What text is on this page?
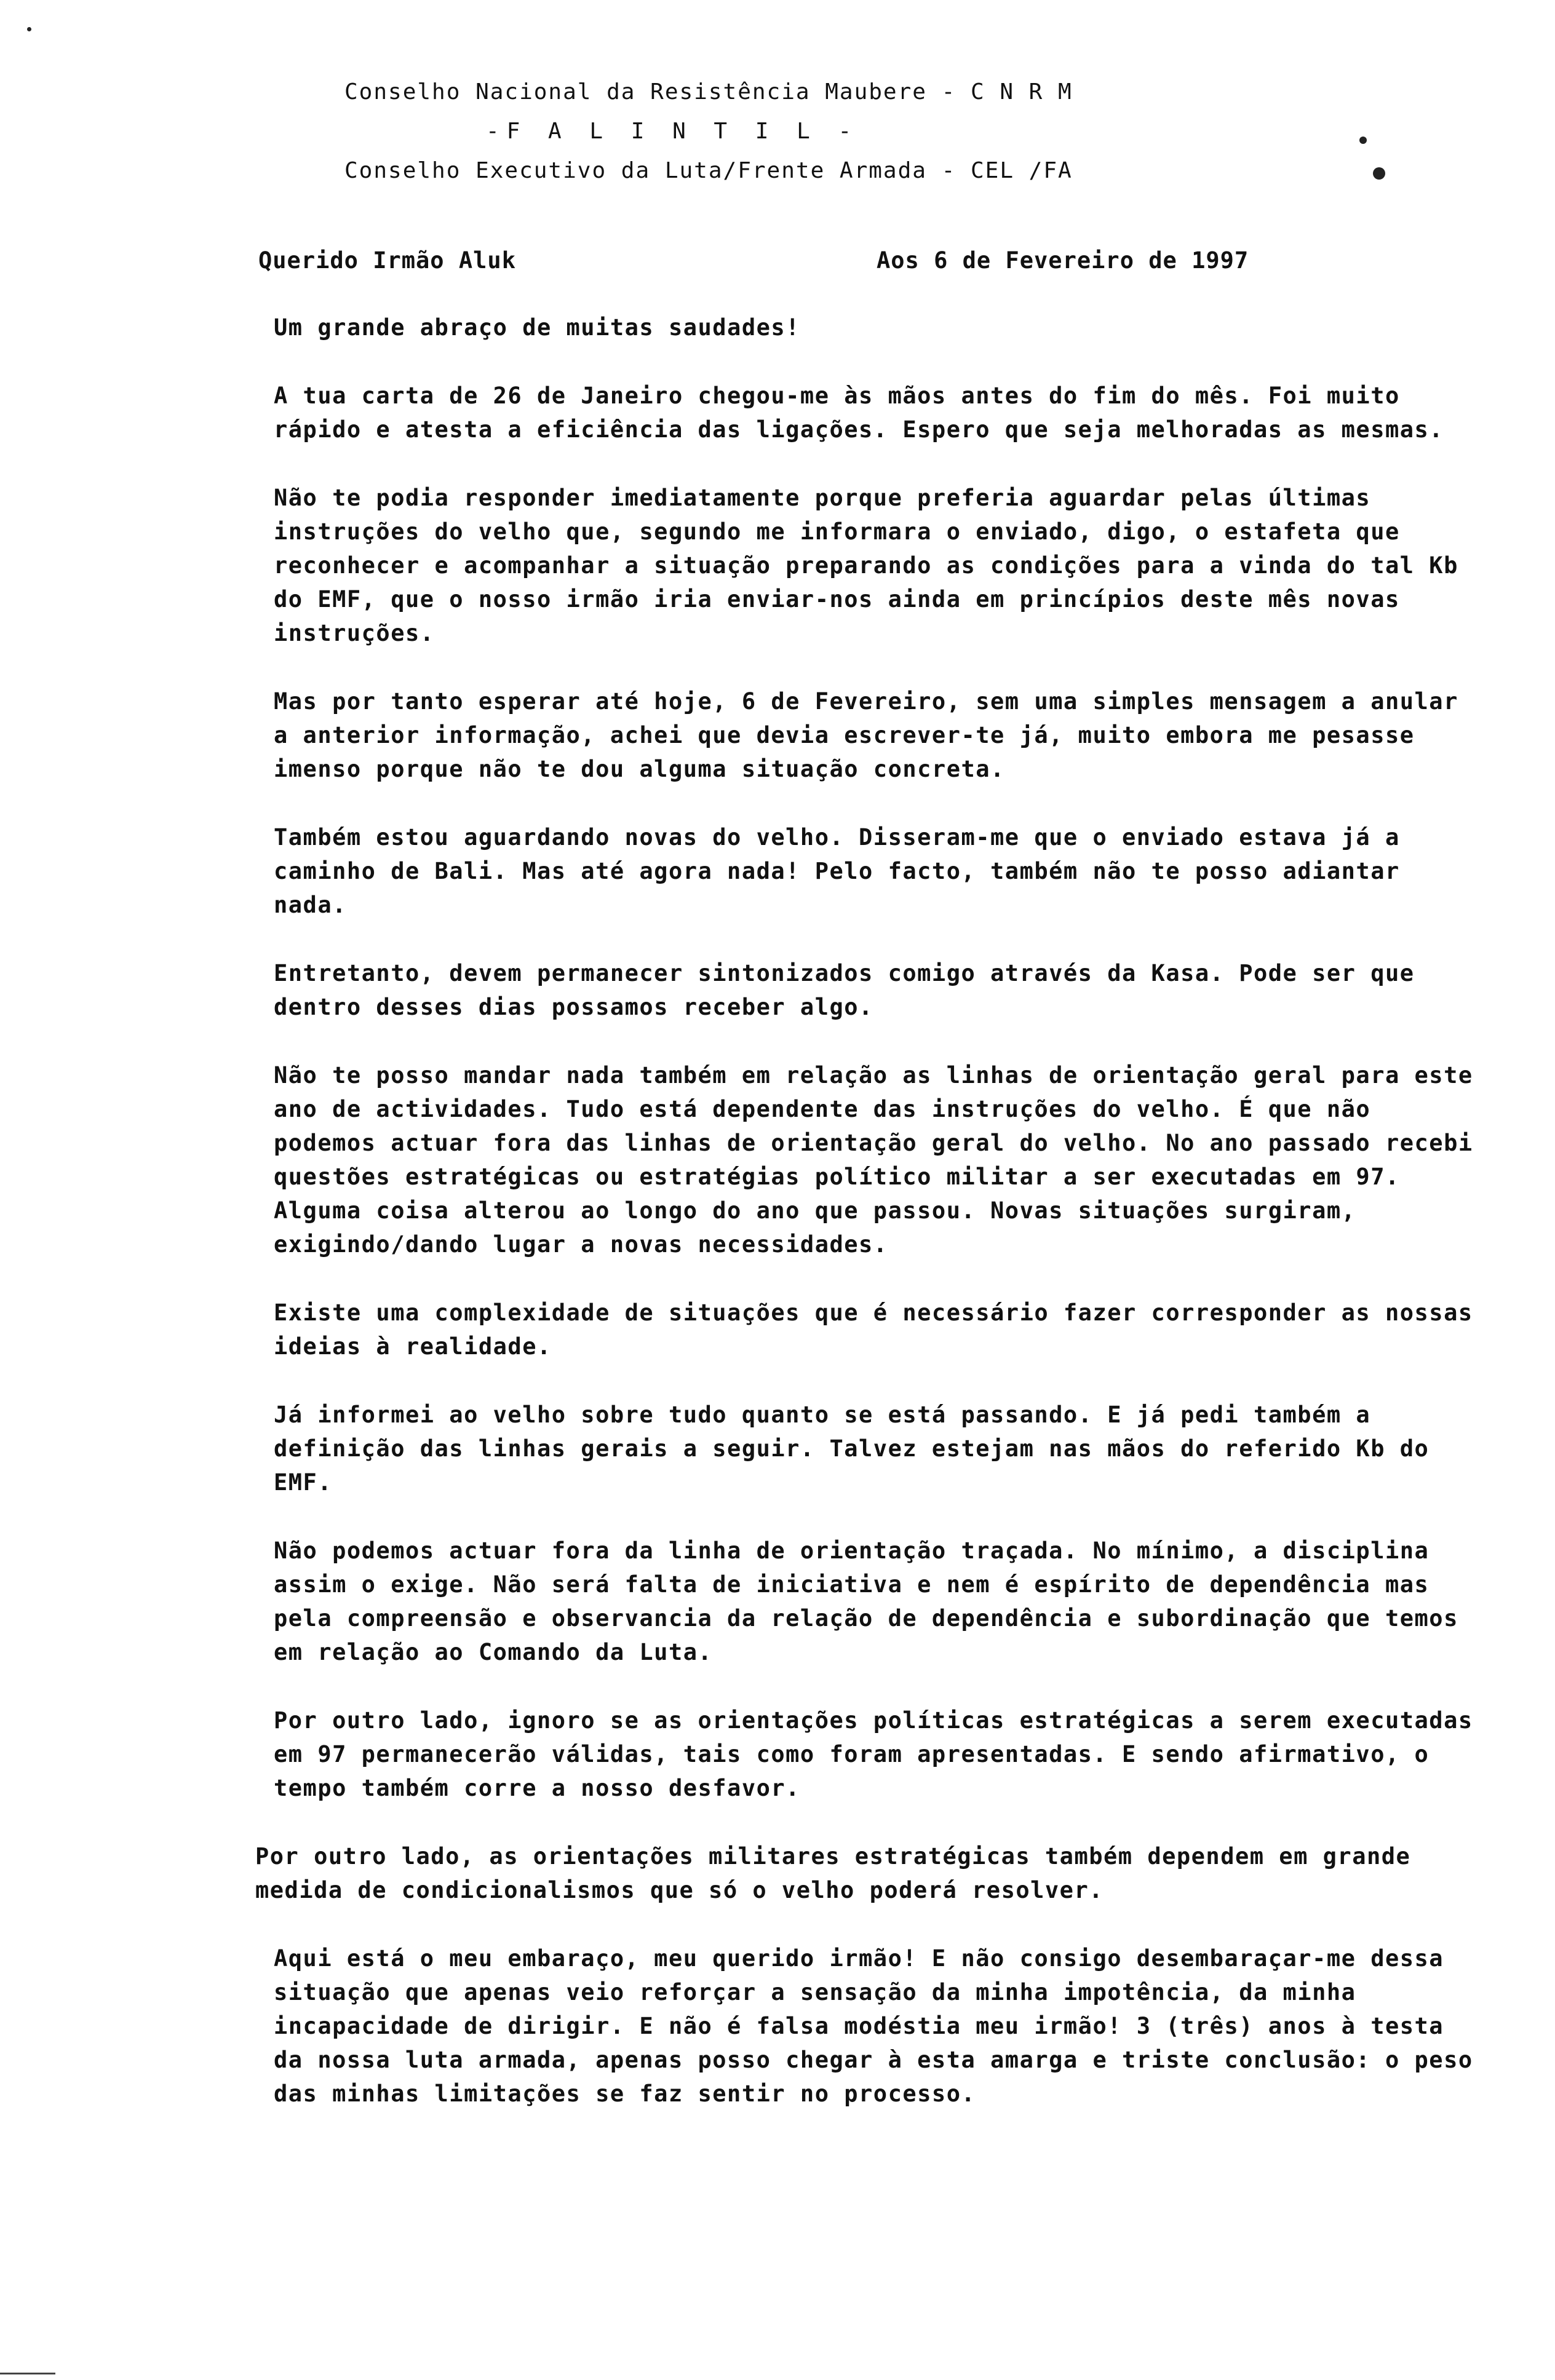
Conselho Nacional da Resistência Maubere - C N R M
-F A L I N T I L -
Conselho Executivo da Luta/Frente Armada - CEL /FA
Querido Irmão Aluk	Aos 6 de Fevereiro de 1997

Um grande abraço de muitas saudades!

A tua carta de 26 de Janeiro chegou-me às mãos antes do fim do mês. Foi muito rápido e atesta a eficiência das ligações. Espero que seja melhoradas as mesmas.

Não te podia responder imediatamente porque preferia aguardar pelas últimas instruções do velho que, segundo me informara o enviado, digo, o estafeta que reconhecer e acompanhar a situação preparando as condições para a vinda do tal Kb do EMF, que o nosso irmão iria enviar-nos ainda em princípios deste mês novas instruções.

Mas por tanto esperar até hoje, 6 de Fevereiro, sem uma simples mensagem a anular a anterior informação, achei que devia escrever-te já, muito embora me pesasse imenso porque não te dou alguma situação concreta.

Também estou aguardando novas do velho. Disseram-me que o enviado estava já a caminho de Bali. Mas até agora nada! Pelo facto, também não te posso adiantar nada.

Entretanto, devem permanecer sintonizados comigo através da Kasa. Pode ser que dentro desses dias possamos receber algo.

Não te posso mandar nada também em relação as linhas de orientação geral para este ano de actividades. Tudo está dependente das instruções do velho. É que não podemos actuar fora das linhas de orientação geral do velho. No ano passado recebi questões estratégicas ou estratégias político militar a ser executadas em 97. Alguma coisa alterou ao longo do ano que passou. Novas situações surgiram, exigindo/dando lugar a novas necessidades.

Existe uma complexidade de situações que é necessário fazer corresponder as nossas ideias à realidade.

Já informei ao velho sobre tudo quanto se está passando. E já pedi também a definição das linhas gerais a seguir. Talvez estejam nas mãos do referido Kb do EMF.

Não podemos actuar fora da linha de orientação traçada. No mínimo, a disciplina assim o exige. Não será falta de iniciativa e nem é espírito de dependência mas pela compreensão e observancia da relação de dependência e subordinação que temos em relação ao Comando da Luta.

Por outro lado, ignoro se as orientações políticas estratégicas a serem executadas em 97 permanecerão válidas, tais como foram apresentadas. E sendo afirmativo, o tempo também corre a nosso desfavor.

Por outro lado, as orientações militares estratégicas também dependem em grande medida de condicionalismos que só o velho poderá resolver.

Aqui está o meu embaraço, meu querido irmão! E não consigo desembaraçar-me dessa situação que apenas veio reforçar a sensação da minha impotência, da minha incapacidade de dirigir. E não é falsa modéstia meu irmão! 3 (três) anos à testa da nossa luta armada, apenas posso chegar à esta amarga e triste conclusão: o peso das minhas limitações se faz sentir no processo.
